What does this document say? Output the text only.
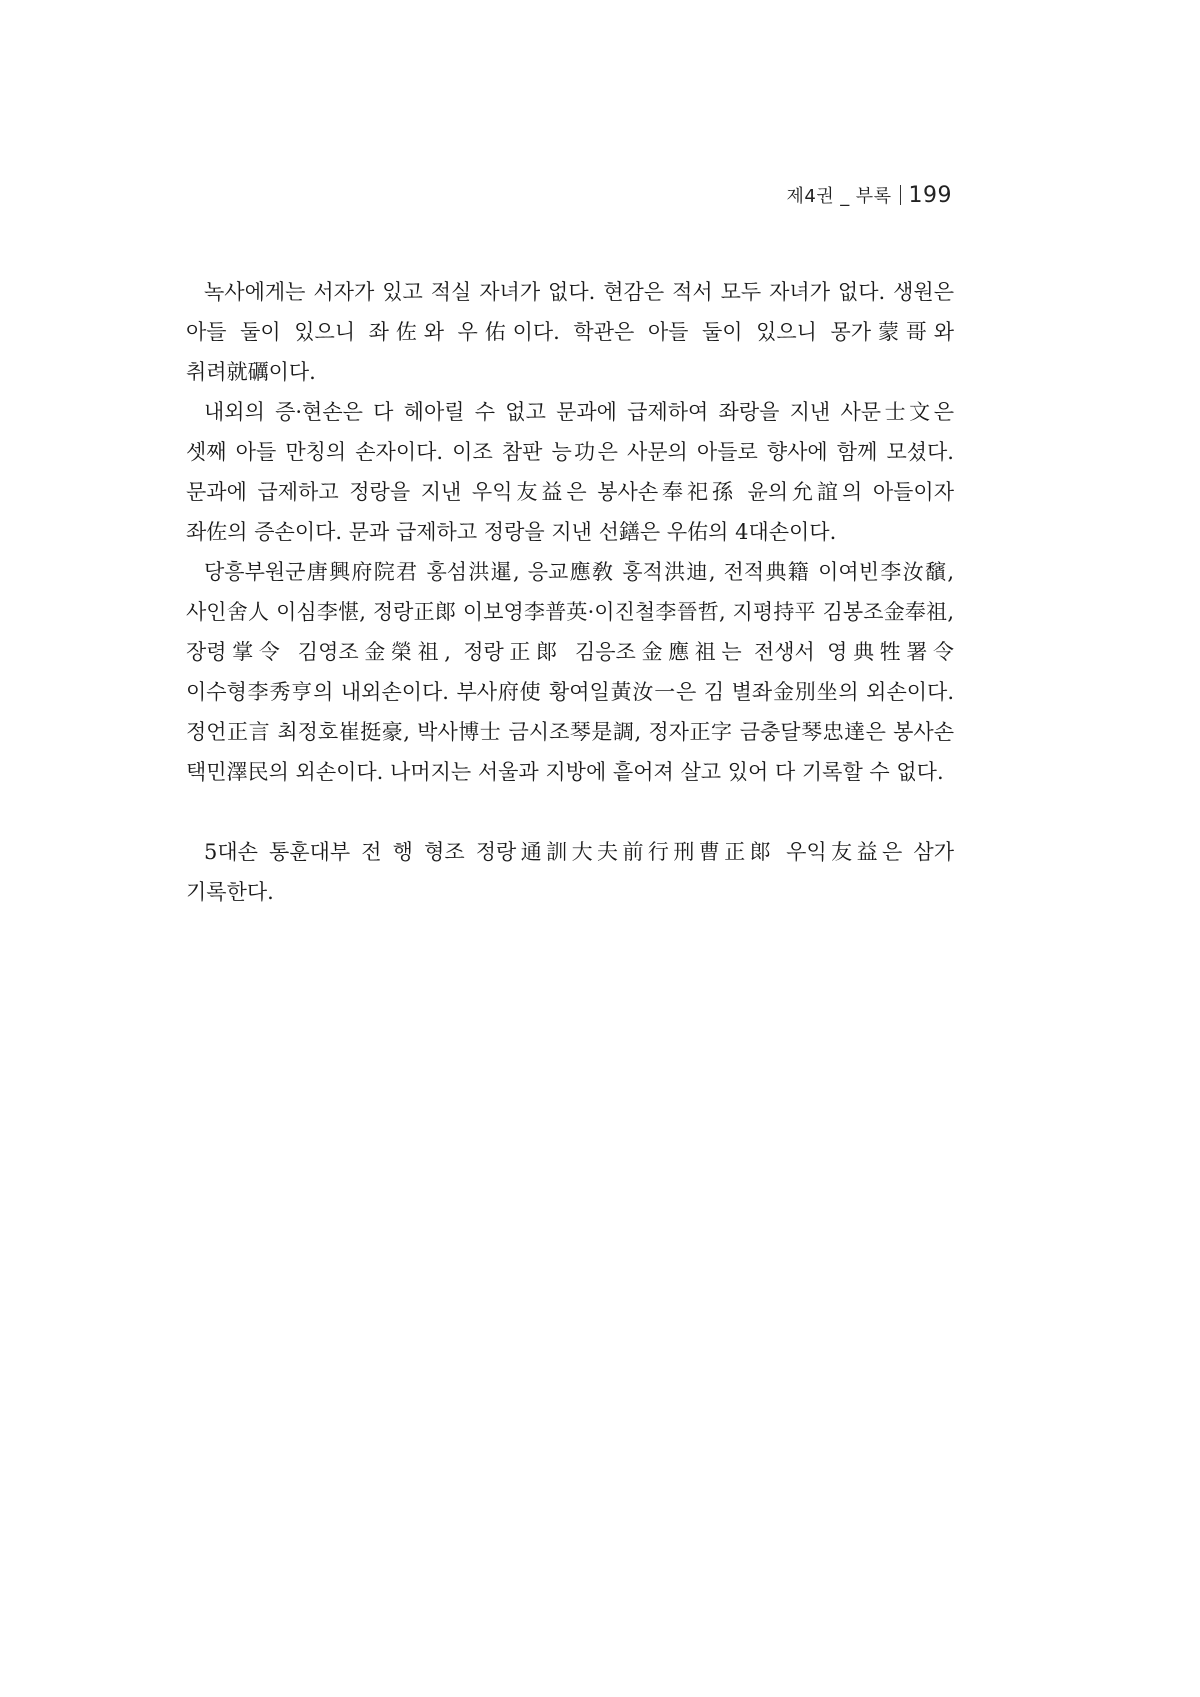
제4권 _ 부록 199

녹사에게는 서자가 있고 적실 자녀가 없다. 현감은 적서 모두 자녀가 없다. 생원은 아들 둘이 있으니 좌佐와 우佑이다. 학관은 아들 둘이 있으니 몽가蒙哥와 취려就礪이다.

내외의 증·현손은 다 헤아릴 수 없고 문과에 급제하여 좌랑을 지낸 사문士文은 셋째 아들 만칭의 손자이다. 이조 참판 능功은 사문의 아들로 향사에 함께 모셨다. 문과에 급제하고 정랑을 지낸 우익友益은 봉사손奉祀孫 윤의允誼의 아들이자 좌佐의 증손이다. 문과 급제하고 정랑을 지낸 선鐥은 우佑의 4대손이다.

당흥부원군唐興府院君 홍섬洪暹, 응교應敎 홍적洪迪, 전적典籍 이여빈李汝馪, 사인舍人 이심李愖, 정랑正郞 이보영李普英·이진철李晉哲, 지평持平 김봉조金奉祖, 장령掌令 김영조金榮祖, 정랑正郞 김응조金應祖는 전생서 영典牲署令 이수형李秀亨의 내외손이다. 부사府使 황여일黃汝一은 김 별좌金別坐의 외손이다. 정언正言 최정호崔挺豪, 박사博士 금시조琴是調, 정자正字 금충달琴忠達은 봉사손 택민澤民의 외손이다. 나머지는 서울과 지방에 흩어져 살고 있어 다 기록할 수 없다.

5대손 통훈대부 전 행 형조 정랑通訓大夫前行刑曹正郞 우익友益은 삼가 기록한다.
